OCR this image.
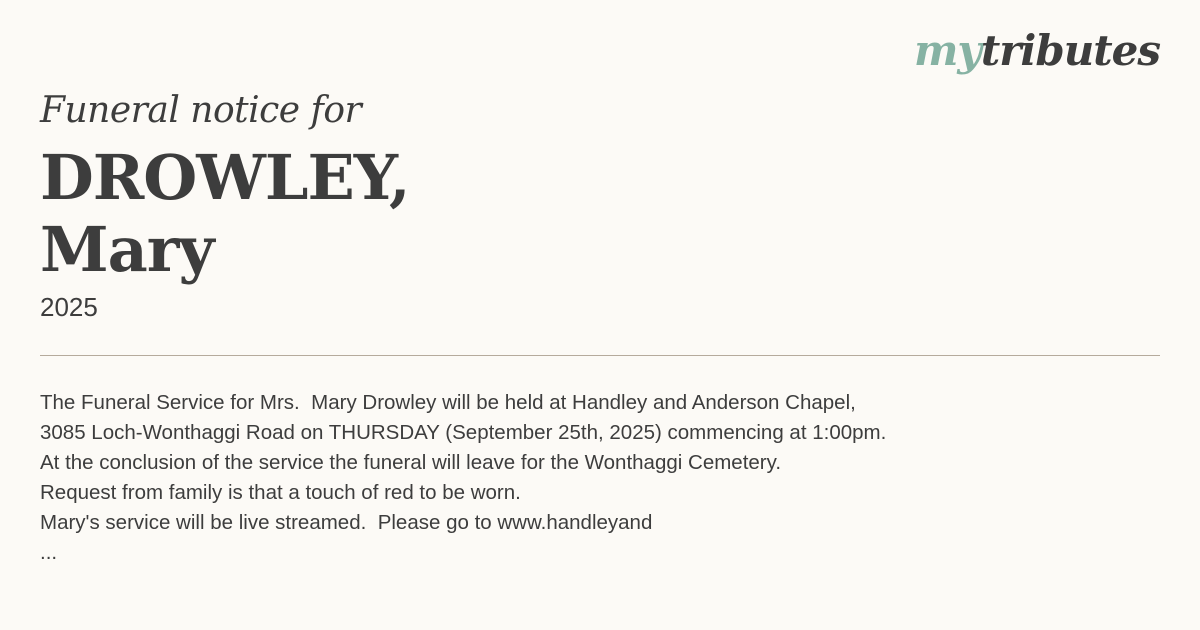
mytributes
Funeral notice for
DROWLEY,
Mary
2025
The Funeral Service for Mrs.  Mary Drowley will be held at Handley and Anderson Chapel,
3085 Loch-Wonthaggi Road on THURSDAY (September 25th, 2025) commencing at 1:00pm.
At the conclusion of the service the funeral will leave for the Wonthaggi Cemetery.
Request from family is that a touch of red to be worn.
Mary's service will be live streamed.  Please go to www.handleyand
...
